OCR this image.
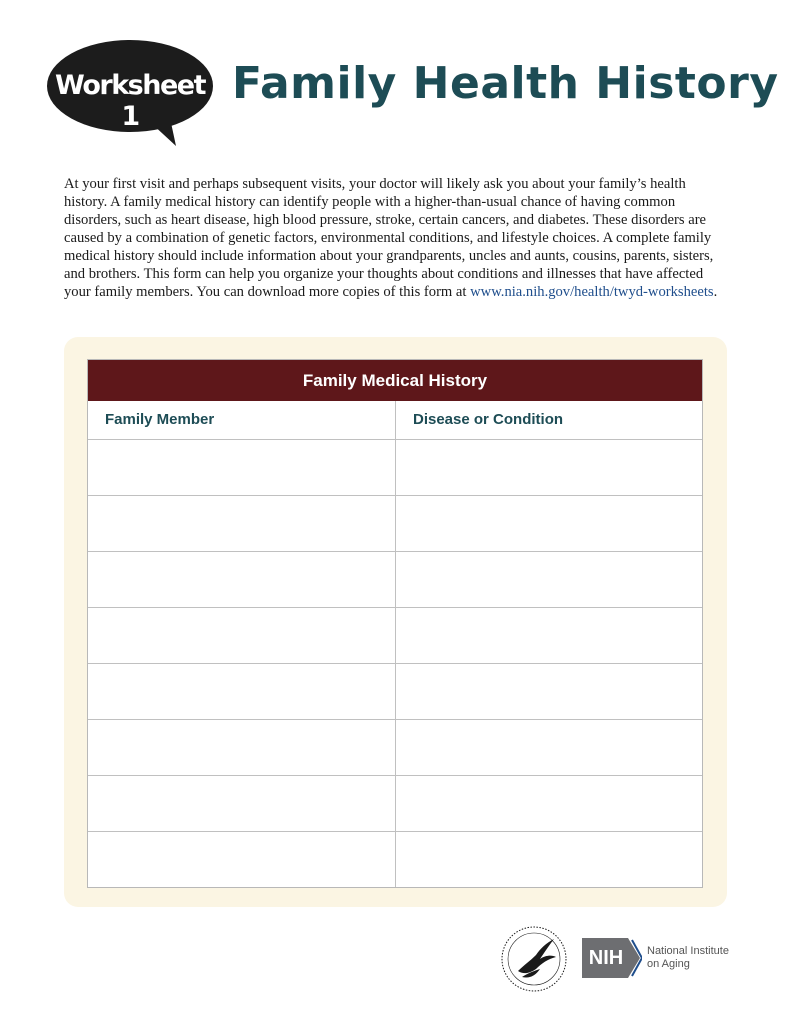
Worksheet 1
Family Health History

At your first visit and perhaps subsequent visits, your doctor will likely ask you about your family’s health history. A family medical history can identify people with a higher-than-usual chance of having common disorders, such as heart disease, high blood pressure, stroke, certain cancers, and diabetes. These disorders are caused by a combination of genetic factors, environmental conditions, and lifestyle choices. A complete family medical history should include information about your grandparents, uncles and aunts, cousins, parents, sisters, and brothers. This form can help you organize your thoughts about conditions and illnesses that have affected your family members. You can download more copies of this form at www.nia.nih.gov/health/twyd-worksheets.

Family Medical History
Family Member	Disease or Condition
NIH	National Institute
on Aging
